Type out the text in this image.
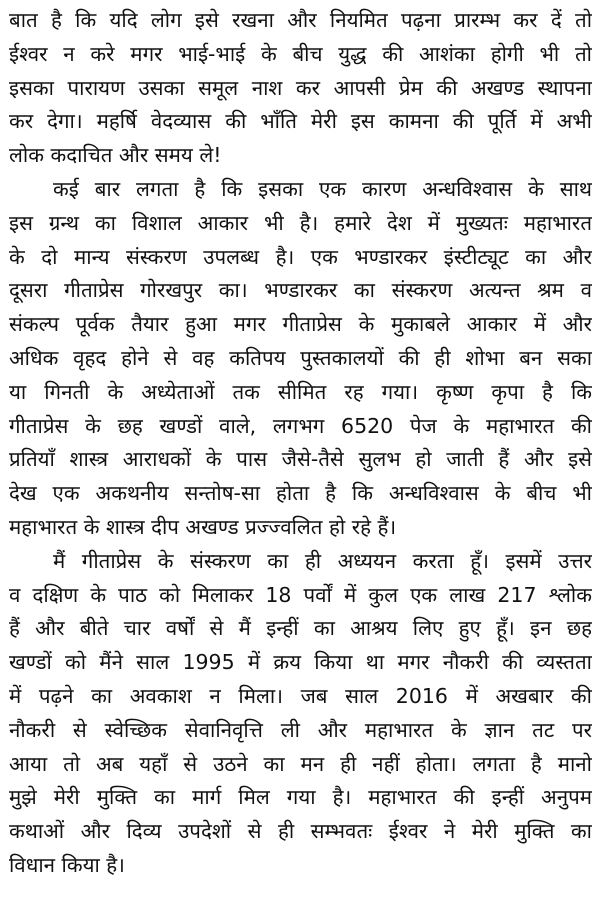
बात है कि यदि लोग इसे रखना और नियमित पढ़ना प्रारम्भ कर दें तो
ईश्वर न करे मगर भाई-भाई के बीच युद्ध की आशंका होगी भी तो
इसका पारायण उसका समूल नाश कर आपसी प्रेम की अखण्ड स्थापना
कर देगा। महर्षि वेदव्यास की भाँति मेरी इस कामना की पूर्ति में अभी
लोक कदाचित और समय ले!
कई बार लगता है कि इसका एक कारण अन्धविश्वास के साथ
इस ग्रन्थ का विशाल आकार भी है। हमारे देश में मुख्यतः महाभारत
के दो मान्य संस्करण उपलब्ध है। एक भण्डारकर इंस्टीट्यूट का और
दूसरा गीताप्रेस गोरखपुर का। भण्डारकर का संस्करण अत्यन्त श्रम व
संकल्प पूर्वक तैयार हुआ मगर गीताप्रेस के मुकाबले आकार में और
अधिक वृहद होने से वह कतिपय पुस्तकालयों की ही शोभा बन सका
या गिनती के अध्येताओं तक सीमित रह गया। कृष्ण कृपा है कि
गीताप्रेस के छह खण्डों वाले, लगभग 6520 पेज के महाभारत की
प्रतियाँ शास्त्र आराधकों के पास जैसे-तैसे सुलभ हो जाती हैं और इसे
देख एक अकथनीय सन्तोष-सा होता है कि अन्धविश्वास के बीच भी
महाभारत के शास्त्र दीप अखण्ड प्रज्ज्वलित हो रहे हैं।
मैं गीताप्रेस के संस्करण का ही अध्ययन करता हूँ। इसमें उत्तर
व दक्षिण के पाठ को मिलाकर 18 पर्वों में कुल एक लाख 217 श्लोक
हैं और बीते चार वर्षों से मैं इन्हीं का आश्रय लिए हुए हूँ। इन छह
खण्डों को मैंने साल 1995 में क्रय किया था मगर नौकरी की व्यस्तता
में पढ़ने का अवकाश न मिला। जब साल 2016 में अखबार की
नौकरी से स्वेच्छिक सेवानिवृत्ति ली और महाभारत के ज्ञान तट पर
आया तो अब यहाँ से उठने का मन ही नहीं होता। लगता है मानो
मुझे मेरी मुक्ति का मार्ग मिल गया है। महाभारत की इन्हीं अनुपम
कथाओं और दिव्य उपदेशों से ही सम्भवतः ईश्वर ने मेरी मुक्ति का
विधान किया है।
